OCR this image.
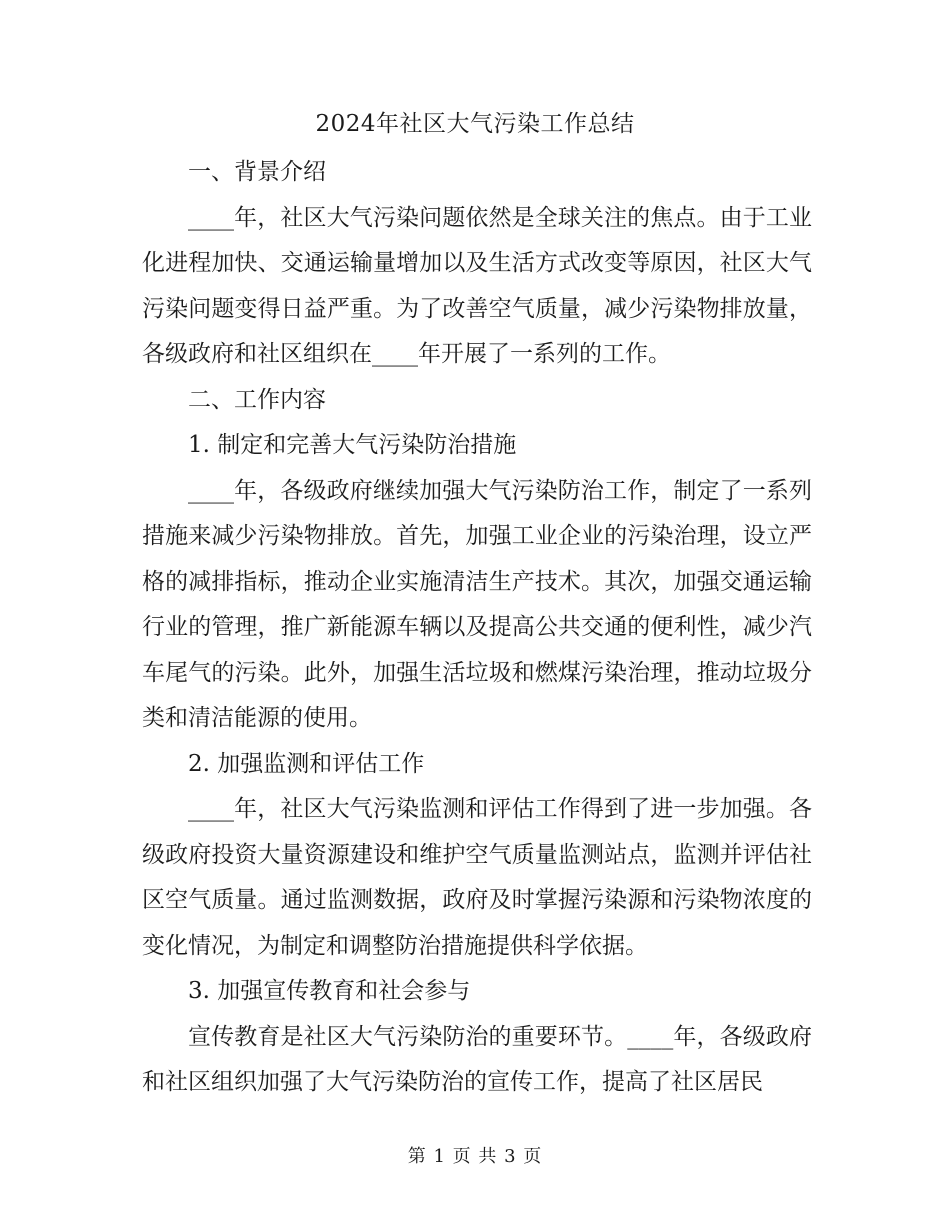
2024年社区大气污染工作总结

一、背景介绍

____年，社区大气污染问题依然是全球关注的焦点。由于工业化进程加快、交通运输量增加以及生活方式改变等原因，社区大气污染问题变得日益严重。为了改善空气质量，减少污染物排放量，各级政府和社区组织在____年开展了一系列的工作。

二、工作内容

1. 制定和完善大气污染防治措施

____年，各级政府继续加强大气污染防治工作，制定了一系列措施来减少污染物排放。首先，加强工业企业的污染治理，设立严格的减排指标，推动企业实施清洁生产技术。其次，加强交通运输行业的管理，推广新能源车辆以及提高公共交通的便利性，减少汽车尾气的污染。此外，加强生活垃圾和燃煤污染治理，推动垃圾分类和清洁能源的使用。

2. 加强监测和评估工作

____年，社区大气污染监测和评估工作得到了进一步加强。各级政府投资大量资源建设和维护空气质量监测站点，监测并评估社区空气质量。通过监测数据，政府及时掌握污染源和污染物浓度的变化情况，为制定和调整防治措施提供科学依据。

3. 加强宣传教育和社会参与

宣传教育是社区大气污染防治的重要环节。____年，各级政府和社区组织加强了大气污染防治的宣传工作，提高了社区居民

第 1 页 共 3 页
